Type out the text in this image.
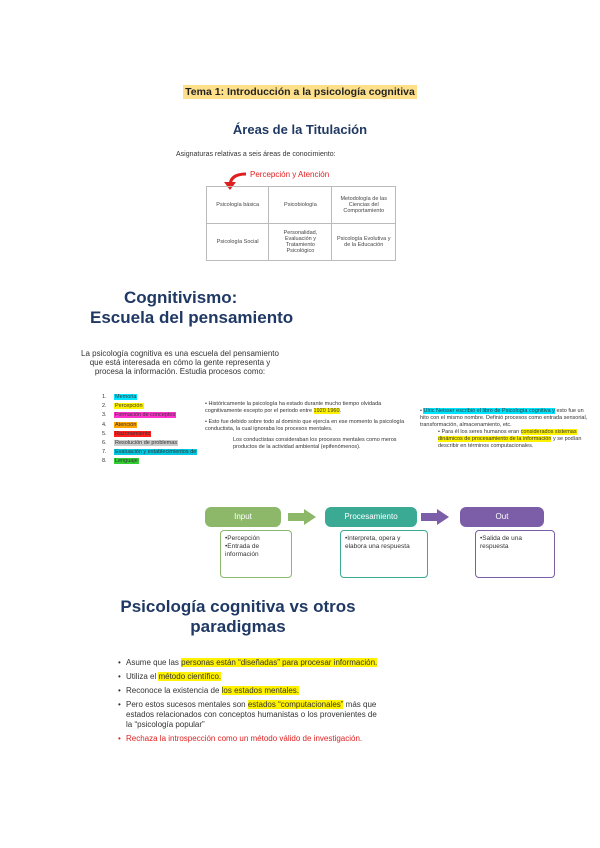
Tema 1: Introducción a la psicología cognitiva
Áreas de la Titulación
Asignaturas relativas a seis áreas de conocimiento:
Percepción y Atención
Psicología básica	Psicobiología	Metodología de las Ciencias del Comportamiento
Psicología Social	Personalidad, Evaluación y Tratamiento Psicológico	Psicología Evolutiva y de la Educación
Cognitivismo:
Escuela del pensamiento
La psicología cognitiva es una escuela del pensamiento que está interesada en cómo la gente representa y procesa la información. Estudia procesos como:
1. Memoria
2. Percepción
3. Formación de conceptos
4. Atención
5. Razonamiento
6. Resolución de problemas
7. Evaluación y establecimientos de
8. Lenguaje

• Históricamente la psicología ha estado durante mucho tiempo olvidada cognitivamente excepto por el periodo entre 1920 1960.

• Esto fue debido sobre todo al dominio que ejercía en ese momento la psicología conductista, la cual ignoraba los procesos mentales.

Los conductistas consideraban los procesos mentales como meros productos de la actividad ambiental (epifenómenos).

• Ulric Neisser escribió el libro de Psicología cognitiva y esto fue un hito con el mismo nombre. Definió procesos como entrada sensorial, transformación, almacenamiento, etc.
• Para él los seres humanos eran considerados sistemas dinámicos de procesamiento de la información y se podían describir en términos computacionales.
Input
•Percepción
•Entrada de información
Procesamiento
•Interpreta, opera y elabora una respuesta
Out
•Salida de una respuesta
Psicología cognitiva vs otros
paradigmas
• Asume que las personas están “diseñadas” para procesar información.
• Utiliza el método científico.
• Reconoce la existencia de los estados mentales.
• Pero estos sucesos mentales son estados “computacionales” más que estados relacionados con conceptos humanistas o los provenientes de la “psicología popular”
• Rechaza la introspección como un método válido de investigación.
